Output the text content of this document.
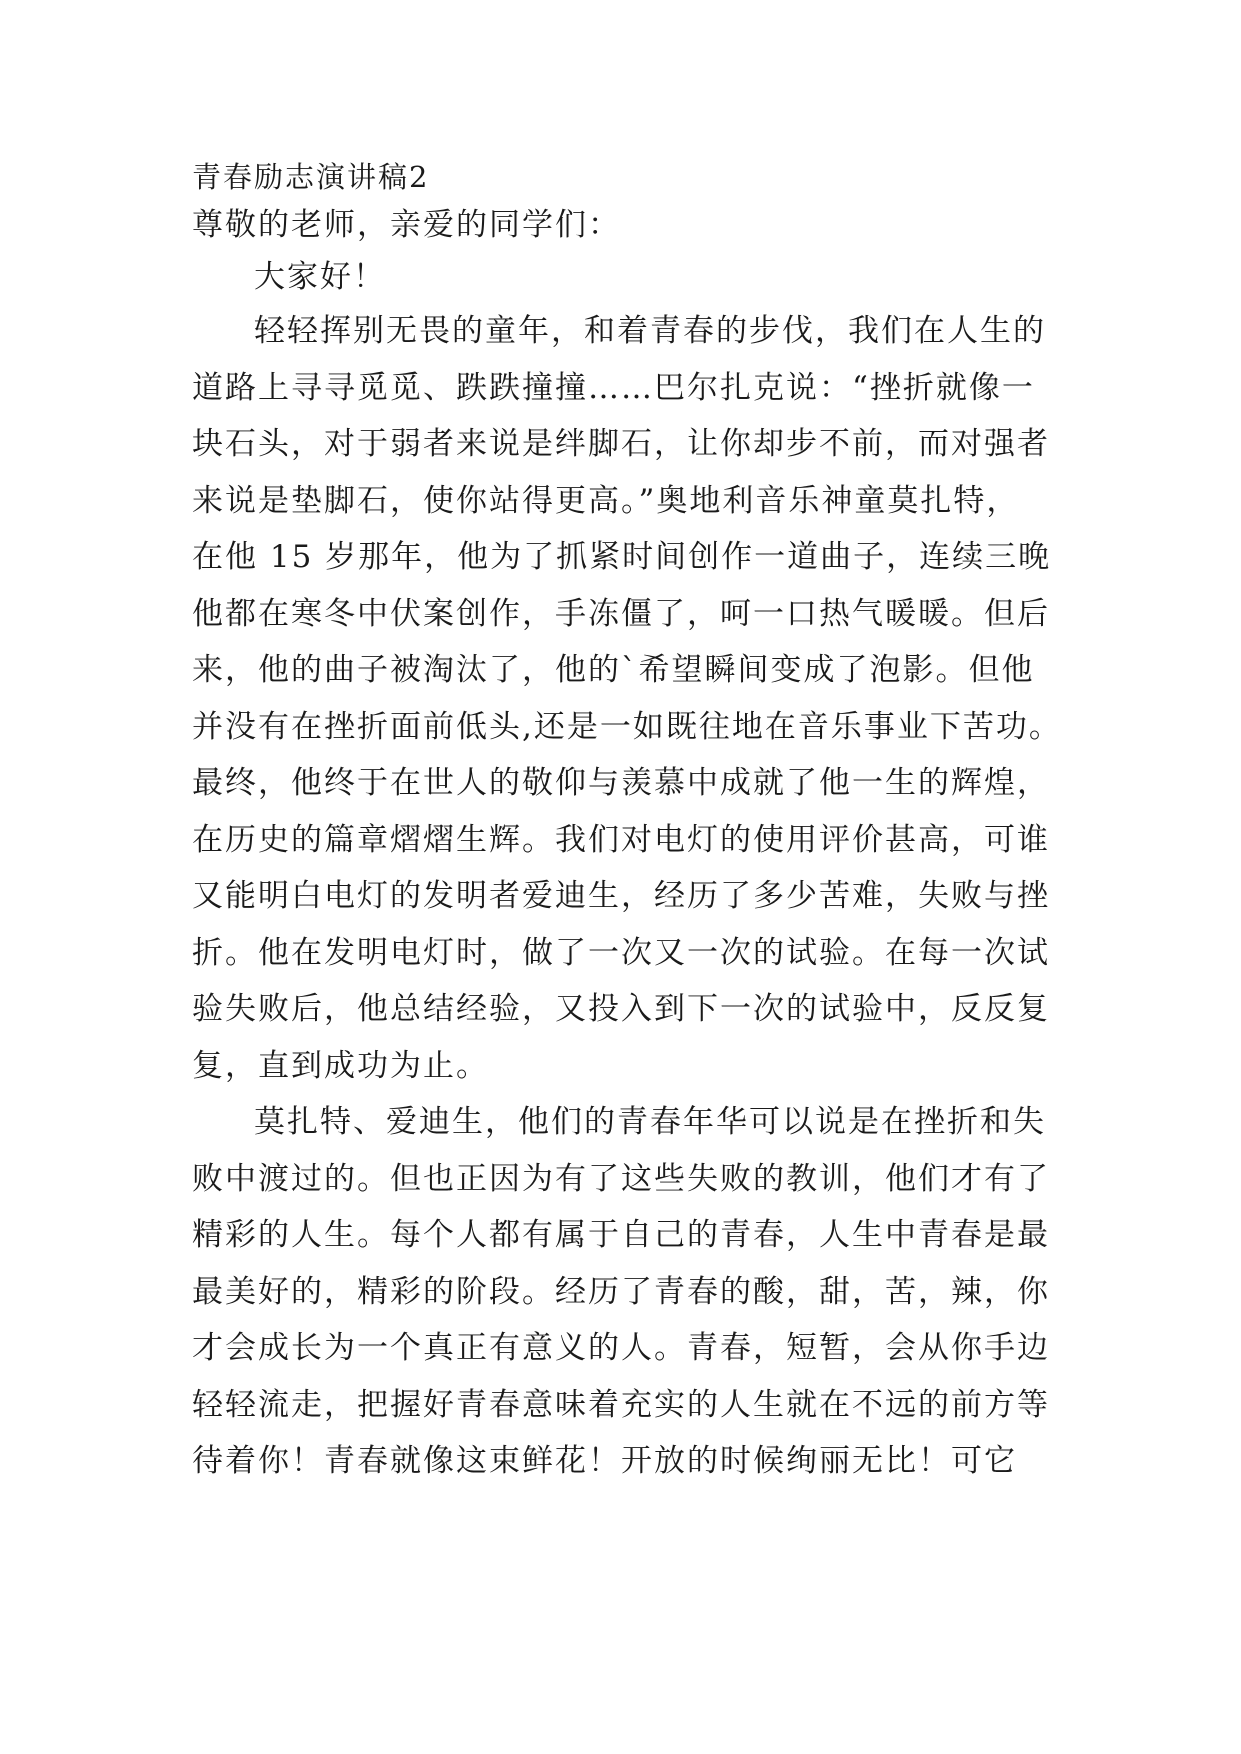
青春励志演讲稿2
尊敬的老师，亲爱的同学们：
大家好！

轻轻挥别无畏的童年，和着青春的步伐，我们在人生的
道路上寻寻觅觅、跌跌撞撞……巴尔扎克说：“挫折就像一
块石头，对于弱者来说是绊脚石，让你却步不前，而对强者
来说是垫脚石，使你站得更高。”奥地利音乐神童莫扎特，
在他 15 岁那年，他为了抓紧时间创作一道曲子，连续三晚
他都在寒冬中伏案创作，手冻僵了，呵一口热气暖暖。但后
来，他的曲子被淘汰了，他的`希望瞬间变成了泡影。但他
并没有在挫折面前低头,还是一如既往地在音乐事业下苦功。
最终，他终于在世人的敬仰与羡慕中成就了他一生的辉煌，
在历史的篇章熠熠生辉。我们对电灯的使用评价甚高，可谁
又能明白电灯的发明者爱迪生，经历了多少苦难，失败与挫
折。他在发明电灯时，做了一次又一次的试验。在每一次试
验失败后，他总结经验，又投入到下一次的试验中，反反复
复，直到成功为止。

莫扎特、爱迪生，他们的青春年华可以说是在挫折和失
败中渡过的。但也正因为有了这些失败的教训，他们才有了
精彩的人生。每个人都有属于自己的青春，人生中青春是最
最美好的，精彩的阶段。经历了青春的酸，甜，苦，辣，你
才会成长为一个真正有意义的人。青春，短暂，会从你手边
轻轻流走，把握好青春意味着充实的人生就在不远的前方等
待着你！青春就像这束鲜花！开放的时候绚丽无比！可它
